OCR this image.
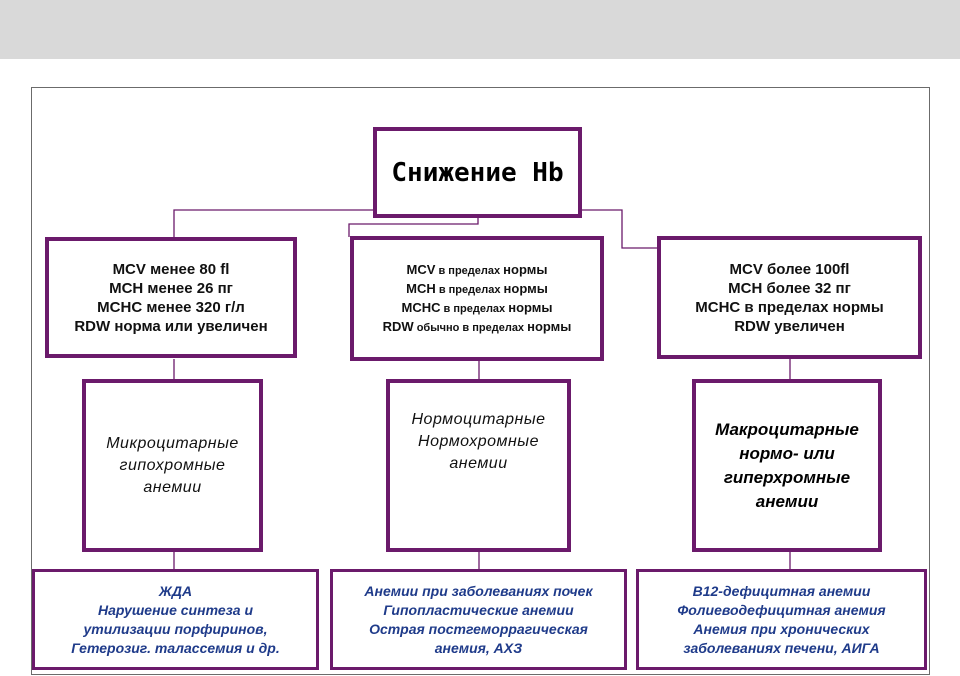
Снижение Hb
MCV менее 80 fl
MCH менее 26 пг
MCHC менее 320 г/л
RDW норма или увеличен
MCV в пределах нормы
MCH в пределах нормы
MCHC в пределах нормы
RDW обычно в пределах нормы
MCV более 100fl
MCH более 32 пг
MCHC в пределах нормы
RDW увеличен
Микроцитарные
гипохромные
анемии
Нормоцитарные
Нормохромные
анемии
Макроцитарные
нормо- или
гиперхромные
анемии
ЖДА
Нарушение синтеза и
утилизации порфиринов,
Гетерозиг. талассемия и др.
Анемии при заболеваниях почек
Гипопластические анемии
Острая постгеморрагическая
анемия, АХЗ
В12-дефицитная анемии
Фолиеводефицитная анемия
Анемия при хронических
заболеваниях печени, АИГА
